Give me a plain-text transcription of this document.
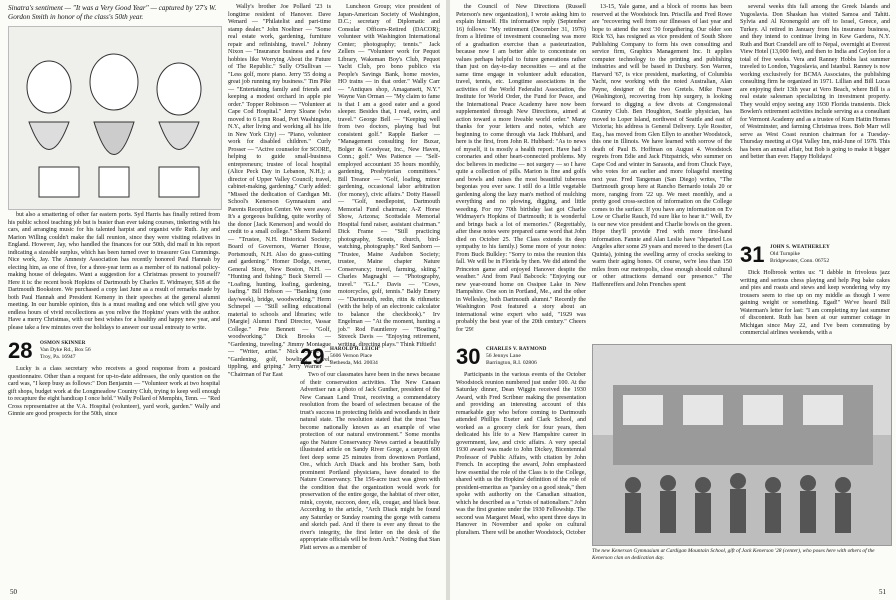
Sinatra's sentiment — "It was a Very Good Year" — captured by '27's W. Gordon Smith in honor of the class's 50th year.

but also a smattering of other far eastern ports. Syd Harris has finally retired from his public school teaching job but is busier than ever taking courses, tinkering with his cars, and arranging music for his talented harpist and organist wife Ruth. Jay and Marion Willing couldn't make the fall reunion, since they were visiting relatives in England. However, Jay, who handled the finances for our 50th, did mail in his report indicating a sizeable surplus, which has been turned over to treasurer Gus Cummings. Nice work, Jay. The Amnesty Association has recently honored Paul Hannah by electing him, as one of five, for a three-year term as a member of its national policy-making house of delegates. Want a suggestion for a Christmas present to yourself? Here it is: the recent book Hopkins of Dartmouth by Charles E. Widmayer, $18 at the Dartmouth Bookstore. We purchased a copy last June as a result of remarks made by both Paul Hannah and President Kemeny in their speeches at the general alumni meeting. In our humble opinion, this is a must reading and one which will give you endless hours of vivid recollections as you relive the Hopkins' years with the author. Have a merry Christmas, with our best wishes for a healthy and happy new year, and please take a few minutes over the holidays to answer our usual entreaty to write.

28 OSMON SKINNER
Van Dyke Rd., Box 56
Troy, Pa. 16947

Lucky is a class secretary who receives a good response from a postcard questionnaire. Other than a request for up-to-date addresses, the only question on the card was, "I keep busy as follows:" Don Benjamin — "Volunteer work at two hospital gift shops, budget work at the Longmeadow Country Club, trying to keep well enough to recapture the eight handicap I once held." Wally Pollard of Memphis, Tenn. — "Red Cross representative at the V.A. Hospital (volunteer), yard work, garden." Wally and Ginnie are good prospects for the 50th, since

Wally's brother Joe Pollard '23 is longtime resident of Hanover. Dave Wenard — "Philatelist and part-time stamp dealer." John Noeltner — "Some real estate work, gardening, furniture repair and refinishing, travel." Johnny Nixon — "Insurance business and a few hobbies like Worrying About the Future of The Republic." Sully O'Sullivan — "Less golf, more piano. Jerry '55 doing a great job running my business." Tim Pike — "Entertaining family and friends and keeping a modest orchard in apple pie order." Topper Robinson — "Volunteer at Cape Cod Hospital." Jerry Sloane (who moved to 6 Lynn Road, Port Washington, N.Y., after living and working all his life in New York City) — "Piano, volunteer work for disabled children." Curly Prosser — "Active counselor for SCORE, helping to guide small-business entrepreneurs; trustee of local hospital (Alice Peck Day in Lebanon, N.H.); a director of Upper Valley Council; travel, cabinet-making, gardening." Curly added: "Missed the dedication of Cardigan Mt. School's Kenerson Gymnasium and Parents Reception Center. We were away. It's a gorgeous building, quite worthy of the donor [Jack Kenerson] and would do credit to a small college." Sherm Bakerel — "Trustee, N.H. Historical Society; Board of Governors, Warner House, Portsmouth, N.H. Also do grass-cutting and gardening." Homer Dodge, owner, General Store, New Boston, N.H. — "Hunting and fishing." Buck Sterrell — "Loafing, hunting, loafing, gardening, loafing." Bill Hobson — "Banking (one day/week), bridge, woodworking." Herm Schnepel — "Still selling educational material to schools and libraries; wife [Margie] Alumni Fund Director, Vassar College." Pete Bennett — "Golf, woodworking." Dick Brooks — "Gardening, traveling." Jimmy Montague — "Writer, artist." Nick Carter — "Gardening, golf, bowling, travel, tippling, and griping." Jerry Warner — "Chairman of Far East

Luncheon Group; vice president of Japan-American Society of Washington, D.C.; secretary of Diplomatic and Consular Officers-Retired (DACOR); volunteer with Washington International Center; photography; tennis." Jack Zellers — "Volunteer work for Pequot Library, Wakeman Boy's Club, Pequot Yacht Club, pro bono publico via People's Savings Bank, home movies, HO trains — in that order." Wally Carr — "Antiques shop, Amagansett, N.Y." Wayne Van Orman — "My claim to fame is that I am a good eater and a good sleeper. Besides that, I read, swim, and travel." George Bell — "Keeping well from two doctors, playing bad but consistent golf." Rapple Barker — "Management consulting for Buxar, Bolger & Goodyear, Inc., New Haven, Conn.; golf." Wes Patience — "Self-employed accountant 35 hours monthly, gardening, Presbyterian committees." Bill Treanor — "Golf, loafing, minor gardening, occasional labor arbitration (for money), civic affairs." Dotty Hassell — "Golf, needlepoint, Dartmouth Memorial Fund chairman; A-Z Horse Show, Arizona; Scottsdale Memorial Hospital fund raiser, assistant chairman." Dick Frame — "Still practicing photography, Scouts, church, bird-watching, photography." Red Sanborn — "Trustee, Maine Audubon Society; trustee, Maine chapter Nature Conservancy; travel, farming, skiing." Charles Magnaghi — "Photography, travel." "G.L." Davis — "Cows, motorcycles, golf, tennis." Baldy Emery — "Dartmouth, redin, ritin & rithmetic (with the help of an electronic calculator to balance the checkbook)." Irv Engelman — "At the moment, hunting a job." Rod Fauntleroy — "Boating." Streeck Davis — "Enjoying retirement, writing, directing plays." Think Fiftieth!

29 HAROLD H. LEICH
5606 Vernon Place
Bethesda, Md. 20034

Two of our classmates have been in the news because of their conservation activities. The New Canaan Advertiser ran a photo of Jack Gunther, president of the New Canaan Land Trust, receiving a commendatory resolution from the board of selectmen because of the trust's success in protecting fields and woodlands in their natural state. The resolution stated that the trust "has become nationally known as an example of wise protection of our natural environment." Some months ago the Nature Conservancy News carried a beautifully illustrated article on Sandy River Gorge, a canyon 600 feet deep some 25 minutes from downtown Portland, Ore., which Arch Diack and his brother Sam, both prominent Portland physicians, have donated to the Nature Conservancy. The 156-acre tract was given with the condition that the organization would work for preservation of the entire gorge, the habitat of river otter, mink, coyote, raccoon, deer, elk, cougar, and black bear. According to the article, "Arch Diack might be found any Saturday or Sunday roaming the gorge with camera and sketch pad. And if there is ever any threat to the river's integrity, the first letter on the desk of the appropriate officials will be from Arch." Noting that Stan Platt serves as a member of

50

the Council of New Directions (Russell Peterson's new organization), I wrote asking him to explain himself. His informative reply (September 16) follows: "My retirement (December 31, 1976) from a lifetime of investment counseling was more of a graduation exercise than a pasteurization, because now I am better able to concentrate on values perhaps helpful to future generations rather than just on day-to-day necessities — and at the same time engage in volunteer adult education, travel, tennis, etc. Longtime associations in the activities of the World Federalist Association, the Institute for World Order, the Fund for Peace, and the International Peace Academy have now been supplemented through New Directions, aimed at action toward a more liveable world order." Many thanks for your letters and notes, which are beginning to come through via Jack Hubbard, and here is the first, from John R. Hubbard: "As to news of myself, it is mostly a health report. Have had 3 coronaries and other heart-connected problems. My doc believes in medicine — not surgery — so I have quite a collection of pills. Marion is fine and golfs and bowls and raises the most beautiful tuberous begonias you ever saw. I still do a little vegetable gardening along the lazy man's method of mulching everything and no plowing, digging, and little weeding. For my 70th birthday last got Charlie Widmayer's Hopkins of Dartmouth; it is wonderful and brings back a lot of memories." (Regrettably, after these notes were prepared came word that John died on October 25. The Class extends its deep sympathy to his family.) Some more of your notes: From Buck Bulkley: "Sorry to miss the reunion this fall. We will be in Florida by then. We did attend the Princeton game and enjoyed Hanover despite the weather." And from Paul Babcock: "Enjoying our new year-round home on Ossipee Lake in New Hampshire. One son in Portland, Me., and the other in Wellesley, both Dartmouth alumni." Recently the Washington Post featured a story about an international wine expert who said, "1929 was probably the best year of the 20th century." Cheers for '29!

30 CHARLES V. RAYMOND
56 Jennys Lane
Barrington, R.I. 02806

Participants in the various events of the October Woodstock reunion numbered just under 100. At the Saturday dinner, Dean Wiggin received the 1930 Award, with Fred Scribner making the presentation and providing an interesting account of this remarkable guy who before coming to Dartmouth attended Phillips Exeter and Clark School, and worked as a grocery clerk for four years, then dedicated his life to a New Hampshire career in government, law, and civic affairs. A very special 1930 award was made to John Dickey, Bicentennial Professor of Public Affairs, with citation by John French. In accepting the award, John emphasized how essential the role of the Class is to the College, shared with us the Hopkins' definition of the role of president-emeritus as "parsley on a good steak," then spoke with authority on the Canadian situation, which he described as a "crisis of nationalism." John was the first grantee under the 1930 Fellowship. The second was Margaret Mead, who spent three days in Hanover in November and spoke on cultural pluralism. There will be another Woodstock, October

13-15, Yale game, and a block of rooms has been reserved at the Woodstock Inn. Priscilla and Fred Rowe are "recovering well from our illnesses of last year and hope to attend the next '30 forgathering. Our older son Rick '63, has resigned as vice president of South Shore Publishing Company to form his own consulting and service firm, Graphics Management Inc. It applies computer technology to the printing and publishing industries and will be based in Duxbury. Son Warren, Harvard '67, is vice president, marketing, of Columbia Yacht, now working with the noted Australian, Alan Payne, designer of the two Gretels. Mike Fraser (Washington), recovering from hip surgery, is looking forward to digging a few divots at Congressional Country Club. Ben Houghton, Seattle physician, has moved to Loper Island, northwest of Seattle and east of Victoria; his address is General Delivery. Lyle Rossiter, Esq., has moved from Glen Ellyn to another Woodstock, this one in Illinois. We have learned with sorrow of the death of Paul B. Hoffman on August 4. Woodstock regrets from Edie and Jack Fitzpatrick, who summer on Cape Cod and winter in Sarasota, and from Chuck Faye, who votes for an earlier and more foliageful meeting next year. Fred Tangeman (San Diego) writes, "The Dartmouth group here at Rancho Bernardo totals 20 or more, ranging from '22 up. We meet monthly, and a pretty good cross-section of information on the College comes to the surface. If you have any information on Ev Low or Charlie Rauch, I'd sure like to hear it." Well, Ev is our new vice president and Charlie bowls on the green. Hope they'll provide Fred with more first-hand information. Fannie and Alan Leslie have "departed Los Angeles after some 29 years and moved to the desert (La Quinta), joining the swelling army of crocks seeking to warm their aging bones. Of course, we're less than 150 miles from our metropolis, close enough should cultural or other attractions demand our presence." The Haffenreffers and John Frenches spent

several weeks this fall among the Greek Islands and Yugoslavia. Don Shaskan has visited Samoa and Tahiti. Sylvia and Al Kronengold are off to Israel, Greece, and Turkey. Al retired in January from his insurance business, and they intend to continue living in Kew Gardens, N.Y. Ruth and Burt Crandell are off to Nepal, overnight at Everest View Hotel (13,000 feet), and then to India and Ceylon for a total of five weeks. Vera and Ranney Hobbs last summer traveled to London, Yugoslavia, and Istanbul. Ranney is now working exclusively for BCMA Associates, the publishing consulting firm he organized in 1971. Lillian and Bill Lucas are enjoying their 13th year at Vero Beach, where Bill is a real estate salesman specializing in investment property. They would enjoy seeing any 1930 Florida transients. Dick Bowlen's retirement activities include serving as a consultant for Vermont Academy and as a trustee of Kurn Hattin Homes of Westminster, and farming Christmas trees. Bob Marr will serve as West Coast reunion chairman for a Tuesday-Thursday meeting at Ojai Valley Inn, mid-June of 1978. This has been an annual affair, but Bob is going to make it bigger and better than ever. Happy Holidays!

31 JOHN S. WEATHERLEY
Old Turnpike
Bridgewater, Conn. 06752

Dick Holbrook writes us: "I dabble in frivolous jazz writing and serious chess playing and help Peg bake cakes and pies and roasts and stews and keep wondering why my trousers seem to rise up on my middle as though I were gaining weight or something. Egad!" We've heard Bill Waterman's letter for last: "I am completing my last summer of discontent. Ruth has been at our summer cottage in Michigan since May 22, and I've been commuting by commercial airlines weekends, with a

The new Kenerson Gymnasium at Cardigan Mountain School, gift of Jack Kenerson '28 (center), who poses here with others of the Kenerson clan on dedication day.
51
